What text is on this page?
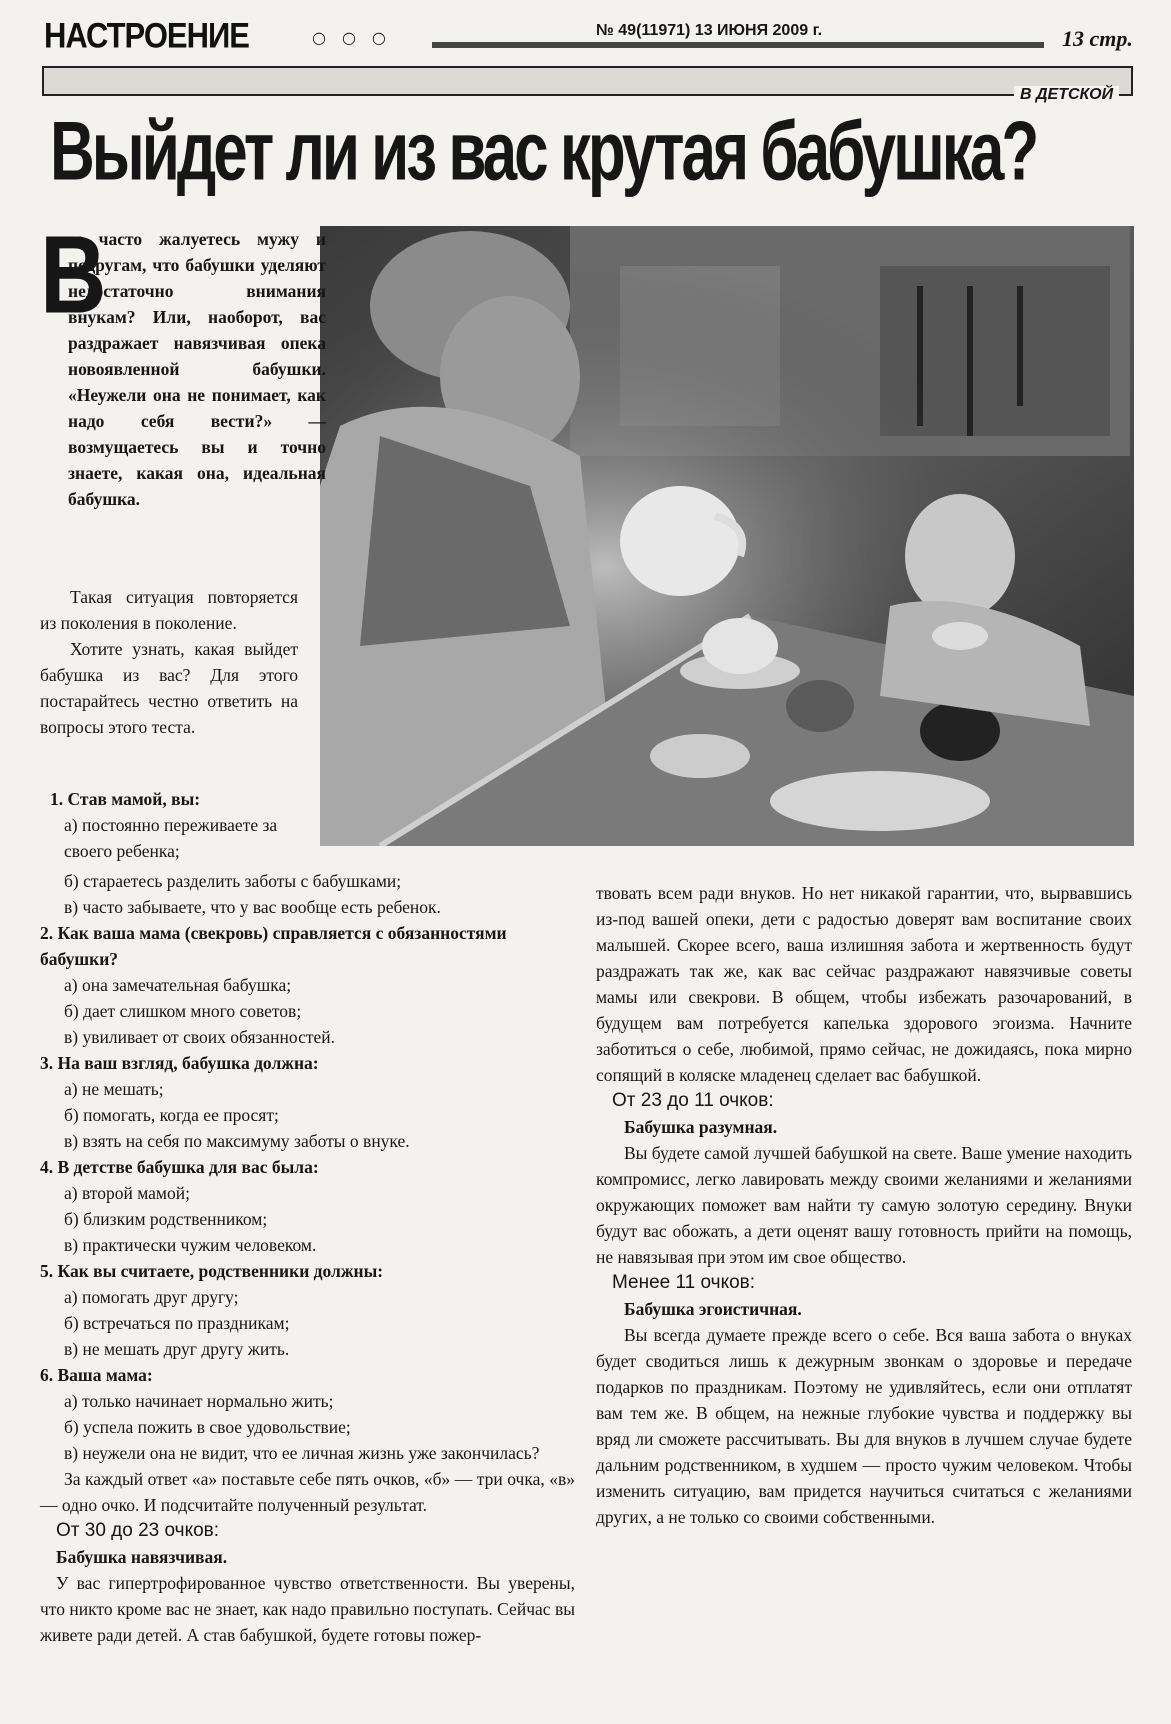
НАСТРОЕНИЕ	○○○	№ 49(11971) 13 ИЮНЯ 2009 г.	13 стр.
В ДЕТСКОЙ
Выйдет ли из вас крутая бабушка?
В

ы часто жалуетесь мужу и подругам, что бабушки уделяют недостаточно внимания внукам? Или, наоборот, вас раздражает навязчивая опека новоявленной бабушки. «Неужели она не понимает, как надо себя вести?» — возмущаетесь вы и точно знаете, какая она, идеальная бабушка.

Такая ситуация повторяется из поколения в поколение.

Хотите узнать, какая выйдет бабушка из вас? Для этого постарайтесь честно ответить на вопросы этого теста.

1. Став мамой, вы:

а) постоянно переживаете за своего ребенка;

б) стараетесь разделить заботы с бабушками;

в) часто забываете, что у вас вообще есть ребенок.

2. Как ваша мама (свекровь) справляется с обязанностями бабушки?

а) она замечательная бабушка;

б) дает слишком много советов;

в) увиливает от своих обязанностей.

3. На ваш взгляд, бабушка должна:

а) не мешать;

б) помогать, когда ее просят;

в) взять на себя по максимуму заботы о внуке.

4. В детстве бабушка для вас была:

а) второй мамой;

б) близким родственником;

в) практически чужим человеком.

5. Как вы считаете, родственники должны:

а) помогать друг другу;

б) встречаться по праздникам;

в) не мешать друг другу жить.

6. Ваша мама:

а) только начинает нормально жить;

б) успела пожить в свое удовольствие;

в) неужели она не видит, что ее личная жизнь уже закончилась?

За каждый ответ «а» поставьте себе пять очков, «б» — три очка, «в» — одно очко. И подсчитайте полученный результат.

От 30 до 23 очков:

Бабушка навязчивая.

У вас гипертрофированное чувство ответственности. Вы уверены, что никто кроме вас не знает, как надо правильно поступать. Сейчас вы живете ради детей. А став бабушкой, будете готовы пожер-

твовать всем ради внуков. Но нет никакой гарантии, что, вырвавшись из-под вашей опеки, дети с радостью доверят вам воспитание своих малышей. Скорее всего, ваша излишняя забота и жертвенность будут раздражать так же, как вас сейчас раздражают навязчивые советы мамы или свекрови. В общем, чтобы избежать разочарований, в будущем вам потребуется капелька здорового эгоизма. Начните заботиться о себе, любимой, прямо сейчас, не дожидаясь, пока мирно сопящий в коляске младенец сделает вас бабушкой.

От 23 до 11 очков:

Бабушка разумная.

Вы будете самой лучшей бабушкой на свете. Ваше умение находить компромисс, легко лавировать между своими желаниями и желаниями окружающих поможет вам найти ту самую золотую середину. Внуки будут вас обожать, а дети оценят вашу готовность прийти на помощь, не навязывая при этом им свое общество.

Менее 11 очков:

Бабушка эгоистичная.

Вы всегда думаете прежде всего о себе. Вся ваша забота о внуках будет сводиться лишь к дежурным звонкам о здоровье и передаче подарков по праздникам. Поэтому не удивляйтесь, если они отплатят вам тем же. В общем, на нежные глубокие чувства и поддержку вы вряд ли сможете рассчитывать. Вы для внуков в лучшем случае будете дальним родственником, в худшем — просто чужим человеком. Чтобы изменить ситуацию, вам придется научиться считаться с желаниями других, а не только со своими собственными.
